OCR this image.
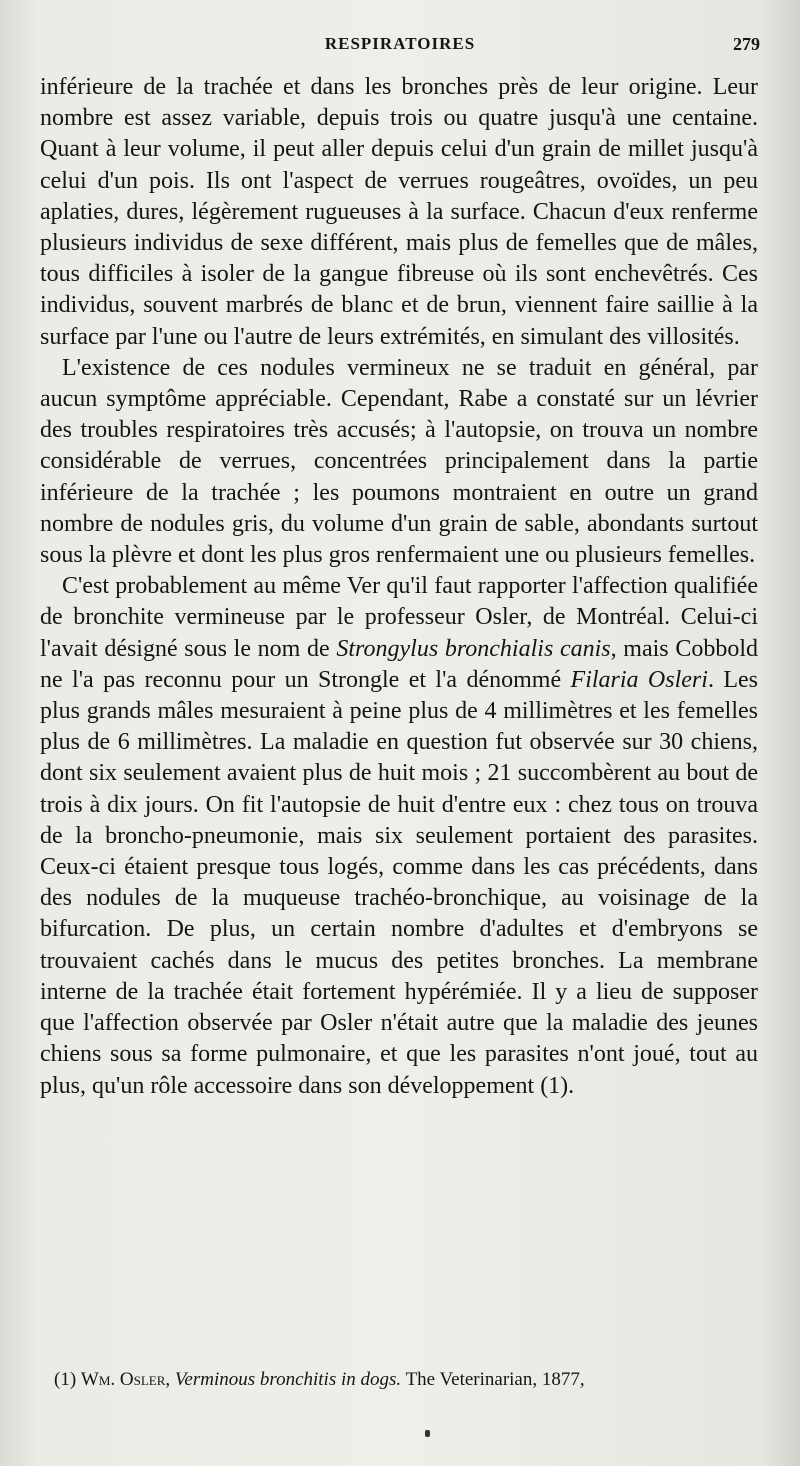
RESPIRATOIRES	279

inférieure de la trachée et dans les bronches près de leur origine. Leur nombre est assez variable, depuis trois ou quatre jusqu'à une centaine. Quant à leur volume, il peut aller depuis celui d'un grain de millet jusqu'à celui d'un pois. Ils ont l'aspect de verrues rougeâtres, ovoïdes, un peu aplaties, dures, légèrement rugueuses à la surface. Chacun d'eux renferme plusieurs individus de sexe différent, mais plus de femelles que de mâles, tous difficiles à isoler de la gangue fibreuse où ils sont enchevêtrés. Ces individus, souvent marbrés de blanc et de brun, viennent faire saillie à la surface par l'une ou l'autre de leurs extrémités, en simulant des villosités.

L'existence de ces nodules vermineux ne se traduit en général, par aucun symptôme appréciable. Cependant, Rabe a constaté sur un lévrier des troubles respiratoires très accusés; à l'autopsie, on trouva un nombre considérable de verrues, concentrées principalement dans la partie inférieure de la trachée ; les poumons montraient en outre un grand nombre de nodules gris, du volume d'un grain de sable, abondants surtout sous la plèvre et dont les plus gros renfermaient une ou plusieurs femelles.

C'est probablement au même Ver qu'il faut rapporter l'affection qualifiée de bronchite vermineuse par le professeur Osler, de Montréal. Celui-ci l'avait désigné sous le nom de Strongylus bronchialis canis, mais Cobbold ne l'a pas reconnu pour un Strongle et l'a dénommé Filaria Osleri. Les plus grands mâles mesuraient à peine plus de 4 millimètres et les femelles plus de 6 millimètres. La maladie en question fut observée sur 30 chiens, dont six seulement avaient plus de huit mois ; 21 succombèrent au bout de trois à dix jours. On fit l'autopsie de huit d'entre eux : chez tous on trouva de la broncho-pneumonie, mais six seulement portaient des parasites. Ceux-ci étaient presque tous logés, comme dans les cas précédents, dans des nodules de la muqueuse trachéo-bronchique, au voisinage de la bifurcation. De plus, un certain nombre d'adultes et d'embryons se trouvaient cachés dans le mucus des petites bronches. La membrane interne de la trachée était fortement hypérémiée. Il y a lieu de supposer que l'affection observée par Osler n'était autre que la maladie des jeunes chiens sous sa forme pulmonaire, et que les parasites n'ont joué, tout au plus, qu'un rôle accessoire dans son développement (1).

(1) Wm. Osler, Verminous bronchitis in dogs. The Veterinarian, 1877,
